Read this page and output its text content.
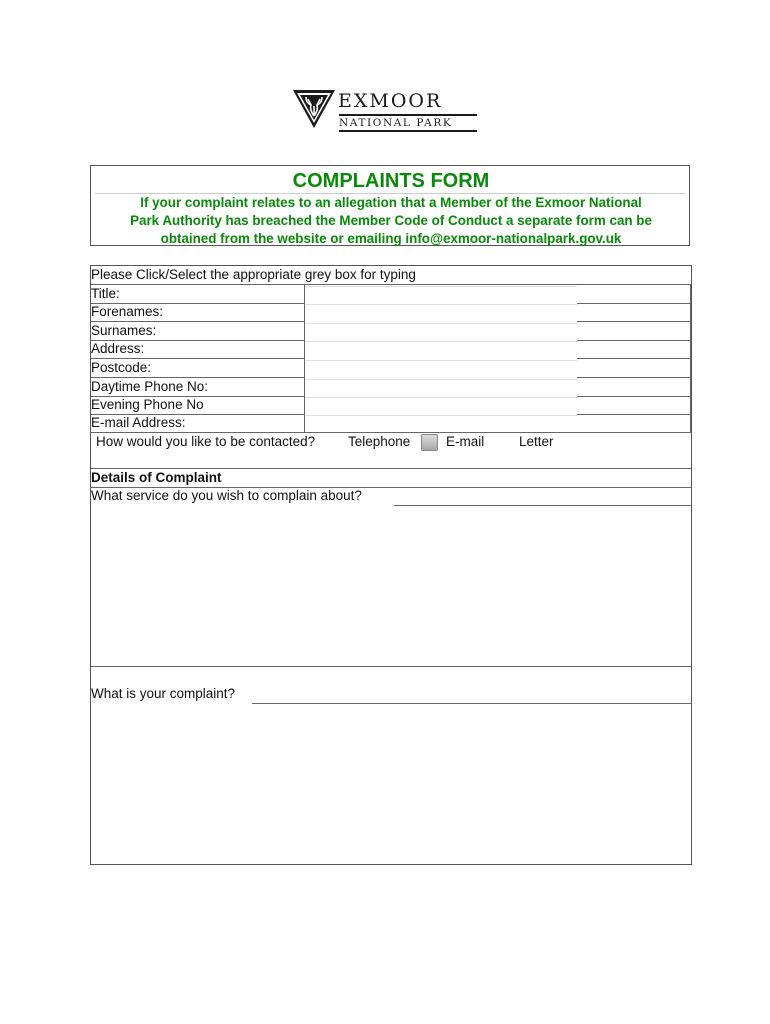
EXMOOR
NATIONAL PARK
COMPLAINTS FORM
If your complaint relates to an allegation that a Member of the Exmoor National
Park Authority has breached the Member Code of Conduct a separate form can be
obtained from the website or emailing info@exmoor-nationalpark.gov.uk
Please Click/Select the appropriate grey box for typing
Title:
Forenames:
Surnames:
Address:
Postcode:
Daytime Phone No:
Evening Phone No
E-mail Address:
How would you like to be contacted? Telephone	E-mail	Letter
Details of Complaint
What service do you wish to complain about?
What is your complaint?
